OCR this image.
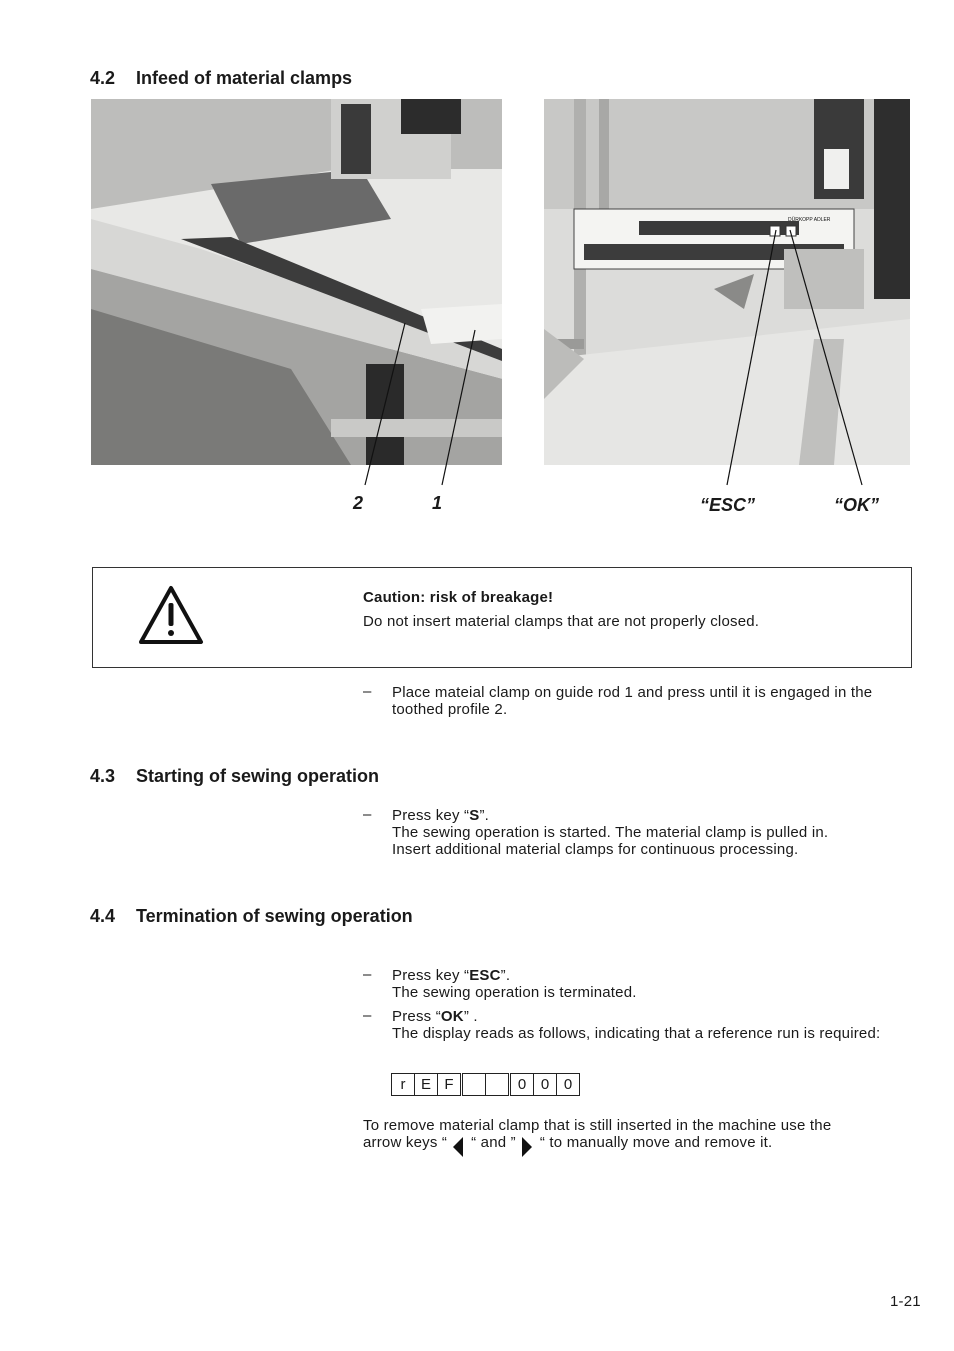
4.2 Infeed of material clamps
DÜRKOPP ADLER
2	1	“ESC”	“OK”
Caution: risk of breakage!
Do not insert material clamps that are not properly closed.
– Place mateial clamp on guide rod 1 and press until it is engaged in the toothed profile 2.
4.3 Starting of sewing operation
– Press key “S”.
The sewing operation is started. The material clamp is pulled in.
Insert additional material clamps for continuous processing.
4.4 Termination of sewing operation
– Press key “ESC”.
The sewing operation is terminated.
– Press “OK” .
The display reads as follows, indicating that a reference run is required:
r	E F	0 0 0
To remove material clamp that is still inserted in the machine use the
arrow keys “ “ and ” “ to manually move and remove it.
1-21
